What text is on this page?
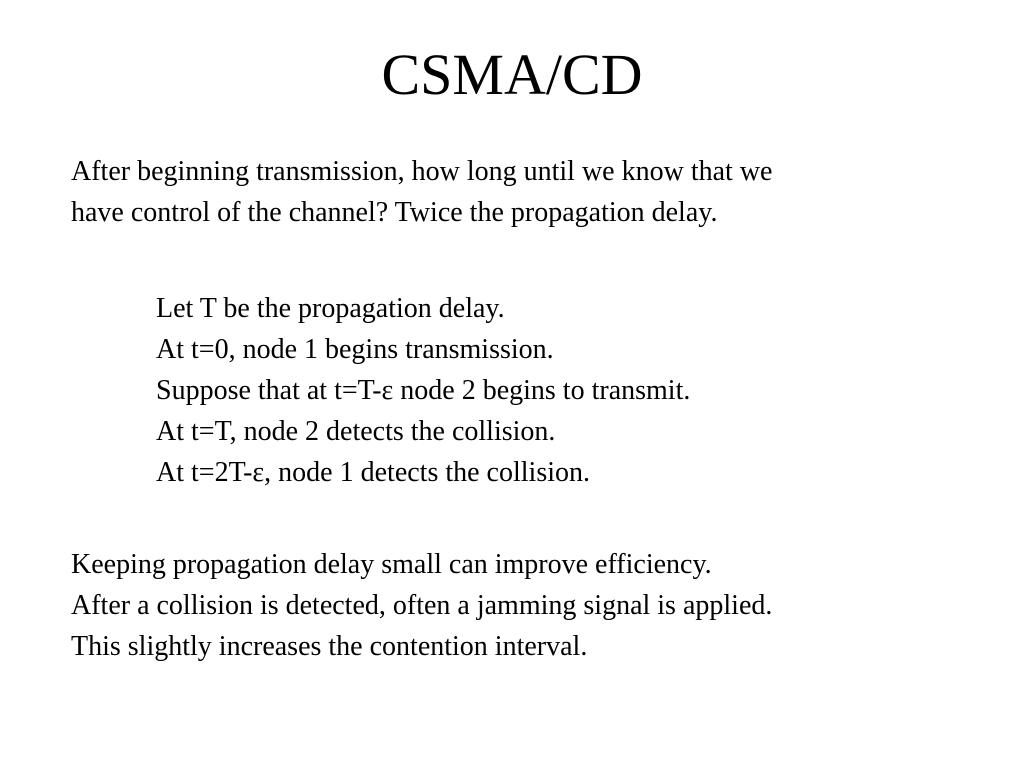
CSMA/CD

After beginning transmission, how long until we know that we
have control of the channel? Twice the propagation delay.

Let T be the propagation delay.
At t=0, node 1 begins transmission.
Suppose that at t=T-ε node 2 begins to transmit.
At t=T, node 2 detects the collision.
At t=2T-ε, node 1 detects the collision.

Keeping propagation delay small can improve efficiency.
After a collision is detected, often a jamming signal is applied.
This slightly increases the contention interval.
